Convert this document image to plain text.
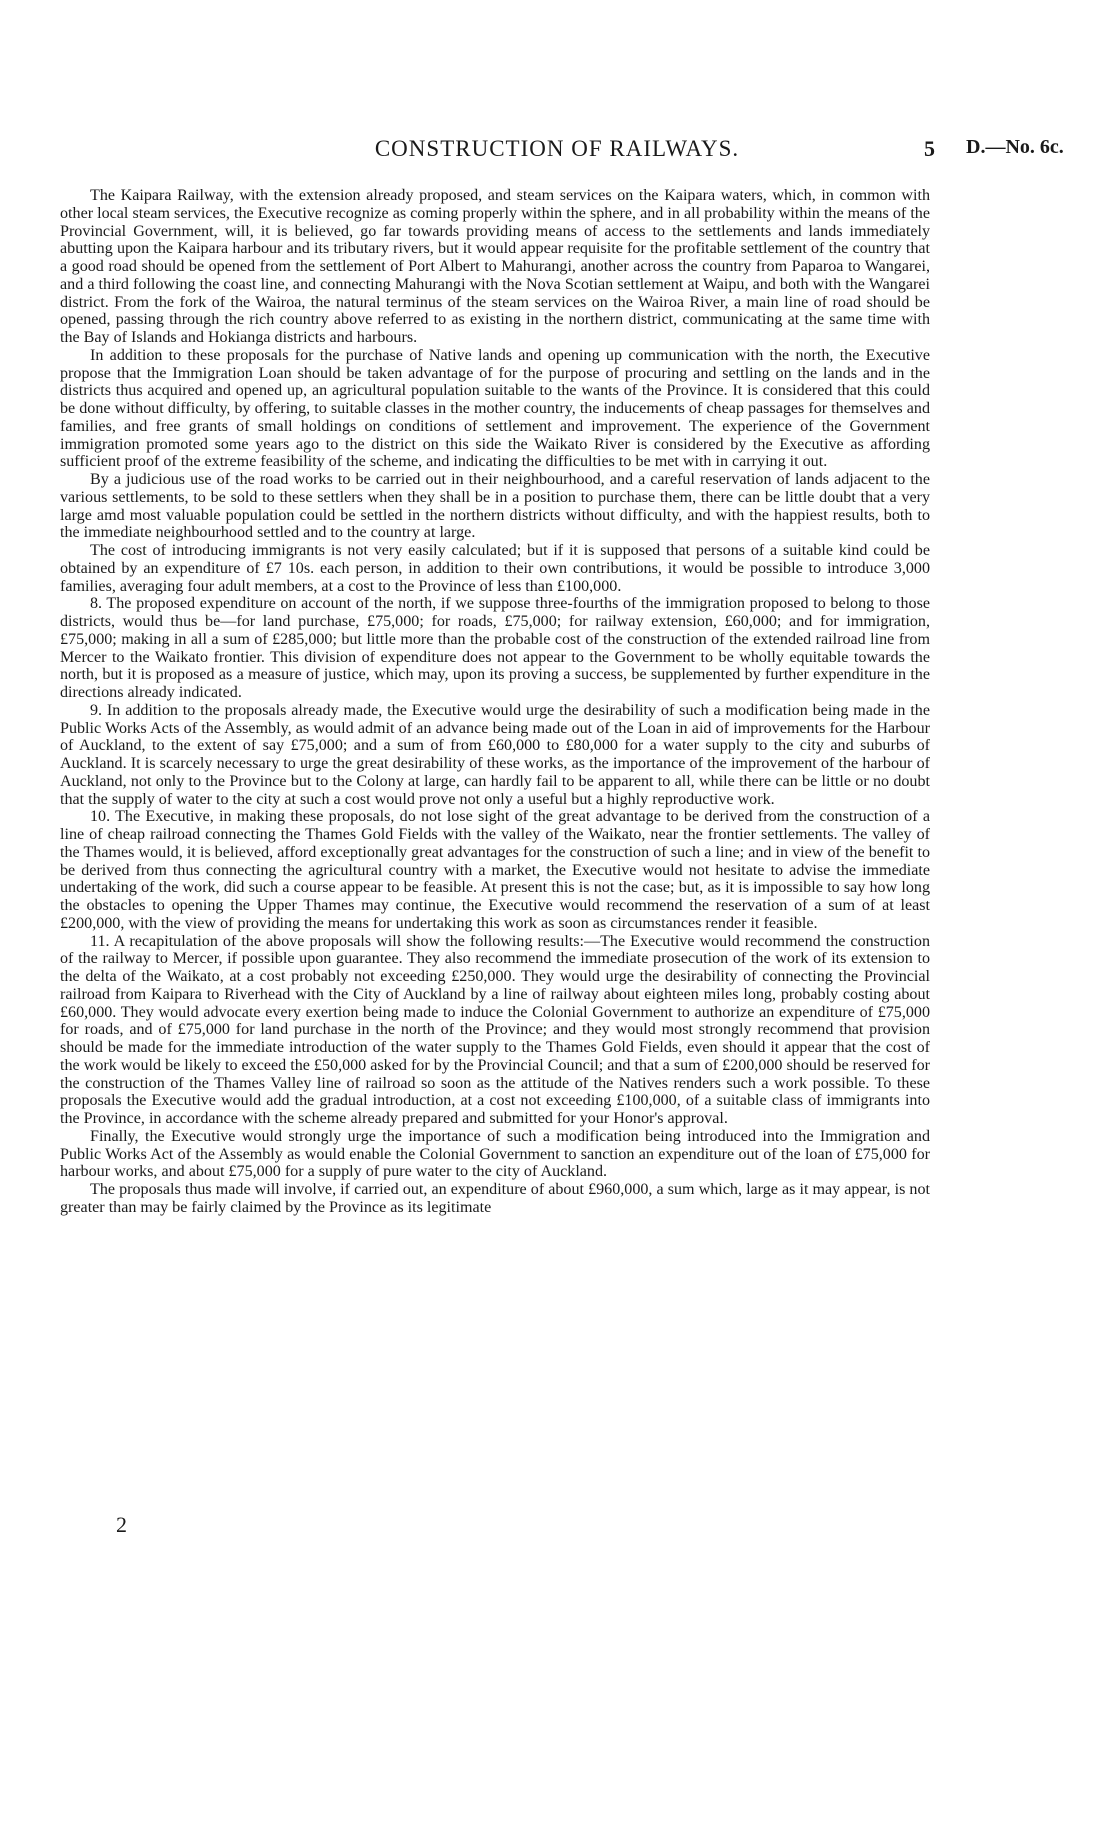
CONSTRUCTION OF RAILWAYS.	5 D.—No. 6c.

The Kaipara Railway, with the extension already proposed, and steam services on the Kaipara waters, which, in common with other local steam services, the Executive recognize as coming properly within the sphere, and in all probability within the means of the Provincial Government, will, it is believed, go far towards providing means of access to the settlements and lands immediately abutting upon the Kaipara harbour and its tributary rivers, but it would appear requisite for the profitable settlement of the country that a good road should be opened from the settlement of Port Albert to Mahurangi, another across the country from Paparoa to Wangarei, and a third following the coast line, and connecting Mahurangi with the Nova Scotian settlement at Waipu, and both with the Wangarei district. From the fork of the Wairoa, the natural terminus of the steam services on the Wairoa River, a main line of road should be opened, passing through the rich country above referred to as existing in the northern district, communicating at the same time with the Bay of Islands and Hokianga districts and harbours.

In addition to these proposals for the purchase of Native lands and opening up communication with the north, the Executive propose that the Immigration Loan should be taken advantage of for the purpose of procuring and settling on the lands and in the districts thus acquired and opened up, an agricultural population suitable to the wants of the Province. It is considered that this could be done without difficulty, by offering, to suitable classes in the mother country, the inducements of cheap passages for themselves and families, and free grants of small holdings on conditions of settlement and improvement. The experience of the Government immigration promoted some years ago to the district on this side the Waikato River is considered by the Executive as affording sufficient proof of the extreme feasibility of the scheme, and indicating the difficulties to be met with in carrying it out.

By a judicious use of the road works to be carried out in their neighbourhood, and a careful reservation of lands adjacent to the various settlements, to be sold to these settlers when they shall be in a position to purchase them, there can be little doubt that a very large amd most valuable population could be settled in the northern districts without difficulty, and with the happiest results, both to the immediate neighbourhood settled and to the country at large.

The cost of introducing immigrants is not very easily calculated; but if it is supposed that persons of a suitable kind could be obtained by an expenditure of £7 10s. each person, in addition to their own contributions, it would be possible to introduce 3,000 families, averaging four adult members, at a cost to the Province of less than £100,000.

8. The proposed expenditure on account of the north, if we suppose three-fourths of the immigration proposed to belong to those districts, would thus be—for land purchase, £75,000; for roads, £75,000; for railway extension, £60,000; and for immigration, £75,000; making in all a sum of £285,000; but little more than the probable cost of the construction of the extended railroad line from Mercer to the Waikato frontier. This division of expenditure does not appear to the Government to be wholly equitable towards the north, but it is proposed as a measure of justice, which may, upon its proving a success, be supplemented by further expenditure in the directions already indicated.

9. In addition to the proposals already made, the Executive would urge the desirability of such a modification being made in the Public Works Acts of the Assembly, as would admit of an advance being made out of the Loan in aid of improvements for the Harbour of Auckland, to the extent of say £75,000; and a sum of from £60,000 to £80,000 for a water supply to the city and suburbs of Auckland. It is scarcely necessary to urge the great desirability of these works, as the importance of the improvement of the harbour of Auckland, not only to the Province but to the Colony at large, can hardly fail to be apparent to all, while there can be little or no doubt that the supply of water to the city at such a cost would prove not only a useful but a highly reproductive work.

10. The Executive, in making these proposals, do not lose sight of the great advantage to be derived from the construction of a line of cheap railroad connecting the Thames Gold Fields with the valley of the Waikato, near the frontier settlements. The valley of the Thames would, it is believed, afford exceptionally great advantages for the construction of such a line; and in view of the benefit to be derived from thus connecting the agricultural country with a market, the Executive would not hesitate to advise the immediate undertaking of the work, did such a course appear to be feasible. At present this is not the case; but, as it is impossible to say how long the obstacles to opening the Upper Thames may continue, the Executive would recommend the reservation of a sum of at least £200,000, with the view of providing the means for undertaking this work as soon as circumstances render it feasible.

11. A recapitulation of the above proposals will show the following results:—The Executive would recommend the construction of the railway to Mercer, if possible upon guarantee. They also recommend the immediate prosecution of the work of its extension to the delta of the Waikato, at a cost probably not exceeding £250,000. They would urge the desirability of connecting the Provincial railroad from Kaipara to Riverhead with the City of Auckland by a line of railway about eighteen miles long, probably costing about £60,000. They would advocate every exertion being made to induce the Colonial Government to authorize an expenditure of £75,000 for roads, and of £75,000 for land purchase in the north of the Province; and they would most strongly recommend that provision should be made for the immediate introduction of the water supply to the Thames Gold Fields, even should it appear that the cost of the work would be likely to exceed the £50,000 asked for by the Provincial Council; and that a sum of £200,000 should be reserved for the construction of the Thames Valley line of railroad so soon as the attitude of the Natives renders such a work possible. To these proposals the Executive would add the gradual introduction, at a cost not exceeding £100,000, of a suitable class of immigrants into the Province, in accordance with the scheme already prepared and submitted for your Honor's approval.

Finally, the Executive would strongly urge the importance of such a modification being introduced into the Immigration and Public Works Act of the Assembly as would enable the Colonial Government to sanction an expenditure out of the loan of £75,000 for harbour works, and about £75,000 for a supply of pure water to the city of Auckland.

The proposals thus made will involve, if carried out, an expenditure of about £960,000, a sum which, large as it may appear, is not greater than may be fairly claimed by the Province as its legitimate

2
